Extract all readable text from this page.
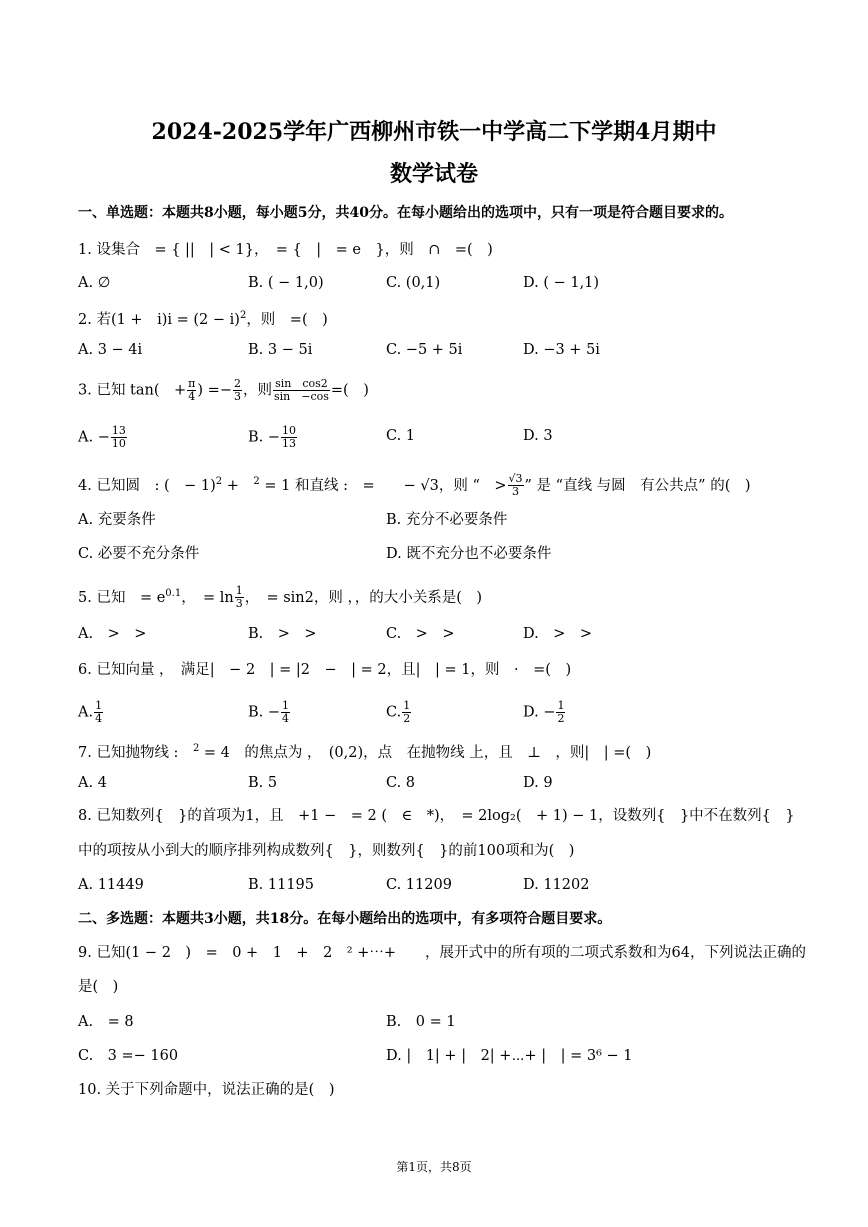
2024-2025学年广西柳州市铁一中学高二下学期4月期中
数学试卷
一、单选题：本题共8小题，每小题5分，共40分。在每小题给出的选项中，只有一项是符合题目要求的。
1. 设集合　= { ||　| < 1}，　= {　|　= e　}，则　∩　=(　)
A. ∅	B. ( − 1,0)	C. (0,1)	D. ( − 1,1)
2. 若(1 +　$i)i = (2 - i)^2$，则　=(　)
A. 3 − 4i	B. 3 − 5i	C. −5 + 5i	D. −3 + 5i
3. 已知 tan(　+ $\frac{\pi}{4}$ ) =− $\frac{2}{3}$ ，则 $\frac{\text{sin　cos2}}{\sin -\cos}$ =(　)
A. − $\frac{13}{10}$	B. − $\frac{10}{13}$	C. 1	D. 3
4. 已知圆　: (　− 1)$^2$ +　$^2$ = 1 和直线 :　=　　− √3，则 “　> $\frac{√3}{3}$ ” 是 “直线 与圆　有公共点” 的(　)
A. 充要条件	B. 充分不必要条件
C. 必要不充分条件	D. 既不充分也不必要条件
5. 已知　= $e^{0.1}$，　= $\ln \frac{1}{3}$ ，　= sin2，则 ，，的大小关系是(　)
A.　>　>	B.　>　>	C.　>　>	D.　>　>
6. 已知向量 ，　满足|　− 2　| = |2　−　| = 2，且|　| = 1，则　·　=(　)
A. $\frac{1}{4}$	B. − $\frac{1}{4}$	C. $\frac{1}{2}$	D. − $\frac{1}{2}$
7. 已知抛物线 :　$^2$ = 4　的焦点为 ，　(0,2)，点　在抛物线 上，且　⊥　，则|　| =(　)
A. 4	B. 5	C. 8	D. 9
8. 已知数列{　}的首项为1，且　+1 −　= 2 (　∈　*)，　= 2log₂(　+ 1) − 1，设数列{　}中不在数列{　}
中的项按从小到大的顺序排列构成数列{　}，则数列{　}的前100项和为(　)
A. 11449	B. 11195	C. 11209	D. 11202
二、多选题：本题共3小题，共18分。在每小题给出的选项中，有多项符合题目要求。
9. 已知(1 − 2　)　=　0 +　1　+　2　² +⋯+　　，展开式中的所有项的二项式系数和为64，下列说法正确的
是(　)
A.　= 8	B.　0 = 1
C.　3 =− 160	D. |　1| + |　2| +⋯+ |　| = 3⁶ − 1
10. 关于下列命题中，说法正确的是(　)
第1页，共8页
